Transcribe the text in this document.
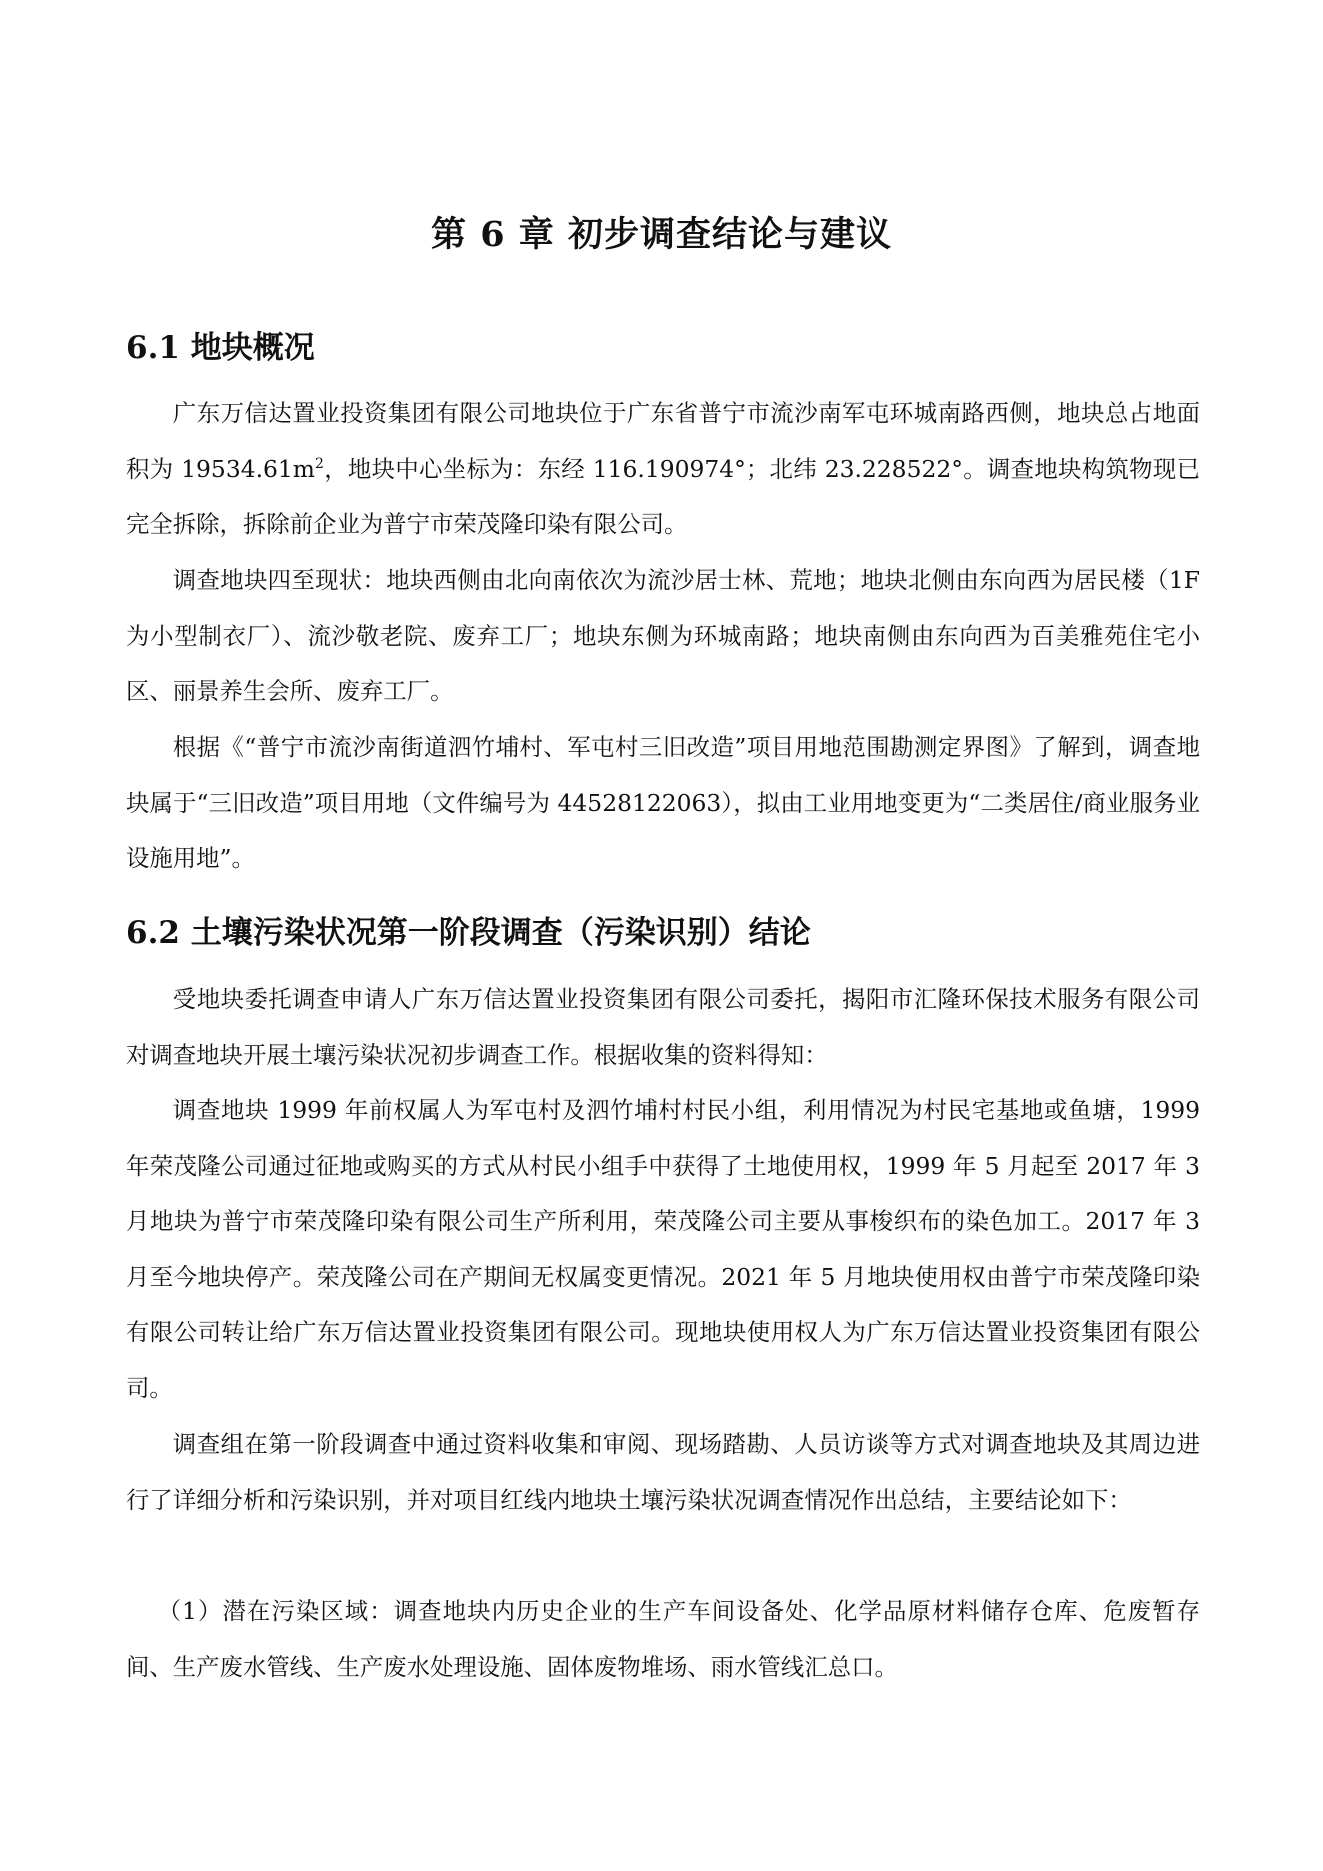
第 6 章 初步调查结论与建议
6.1 地块概况

广东万信达置业投资集团有限公司地块位于广东省普宁市流沙南军屯环城南路西侧，地块总占地面积为 $19534.61m^2$，地块中心坐标为：东经 116.190974°；北纬 23.228522°。调查地块构筑物现已完全拆除，拆除前企业为普宁市荣茂隆印染有限公司。

调查地块四至现状：地块西侧由北向南依次为流沙居士林、荒地；地块北侧由东向西为居民楼（1F 为小型制衣厂）、流沙敬老院、废弃工厂；地块东侧为环城南路；地块南侧由东向西为百美雅苑住宅小区、丽景养生会所、废弃工厂。

根据《“普宁市流沙南街道泗竹埔村、军屯村三旧改造”项目用地范围勘测定界图》了解到，调查地块属于“三旧改造”项目用地（文件编号为 44528122063），拟由工业用地变更为“二类居住/商业服务业设施用地”。

6.2 土壤污染状况第一阶段调查（污染识别）结论

受地块委托调查申请人广东万信达置业投资集团有限公司委托，揭阳市汇隆环保技术服务有限公司对调查地块开展土壤污染状况初步调查工作。根据收集的资料得知：

调查地块 1999 年前权属人为军屯村及泗竹埔村村民小组，利用情况为村民宅基地或鱼塘，1999 年荣茂隆公司通过征地或购买的方式从村民小组手中获得了土地使用权，1999 年 5 月起至 2017 年 3 月地块为普宁市荣茂隆印染有限公司生产所利用，荣茂隆公司主要从事梭织布的染色加工。2017 年 3 月至今地块停产。荣茂隆公司在产期间无权属变更情况。2021 年 5 月地块使用权由普宁市荣茂隆印染有限公司转让给广东万信达置业投资集团有限公司。现地块使用权人为广东万信达置业投资集团有限公司。

调查组在第一阶段调查中通过资料收集和审阅、现场踏勘、人员访谈等方式对调查地块及其周边进行了详细分析和污染识别，并对项目红线内地块土壤污染状况调查情况作出总结，主要结论如下：

（1）潜在污染区域：调查地块内历史企业的生产车间设备处、化学品原材料储存仓库、危废暂存间、生产废水管线、生产废水处理设施、固体废物堆场、雨水管线汇总口。
